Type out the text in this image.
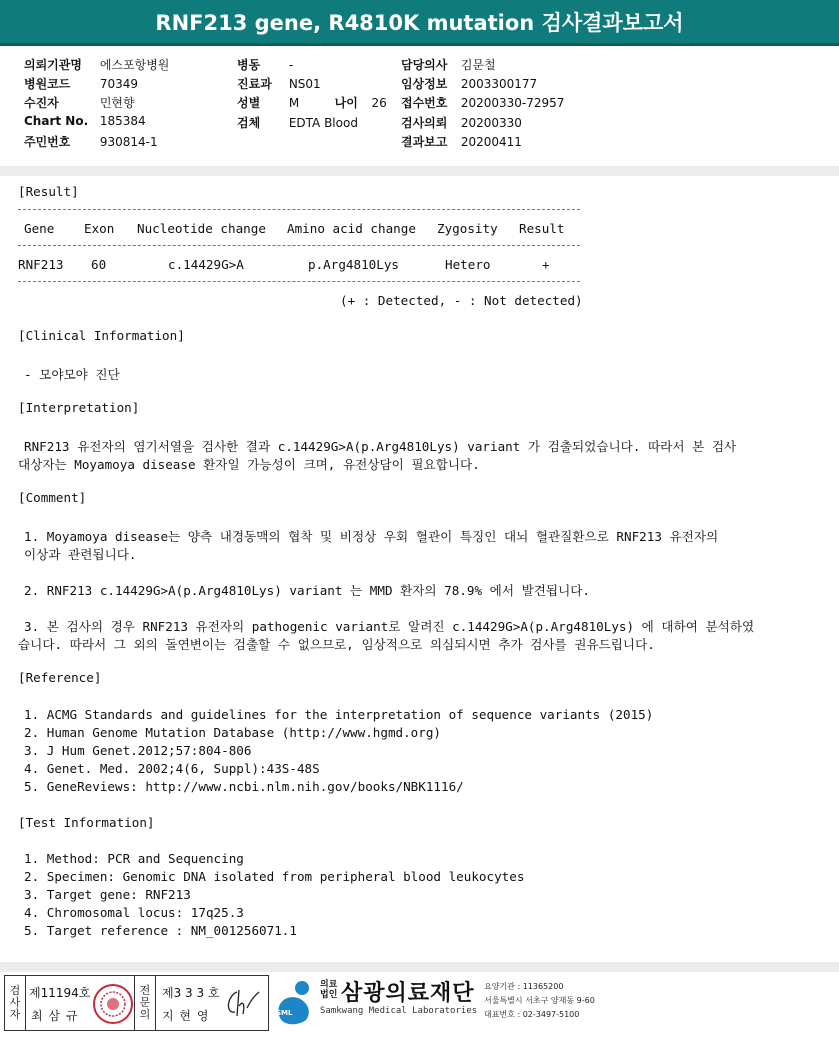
RNF213 gene, R4810K mutation 검사결과보고서
의뢰기관명 에스포항병원
병원코드 70349
수진자	민현향
Chart No. 185384
주민번호 930814-1
병동 -
진료과 NS01
성별 M	나이 26
검체 EDTA Blood
담당의사 김문철
임상정보 2003300177
접수번호 20200330-72957
검사의뢰 20200330
결과보고 20200411
[Result]
Gene Exon Nucleotide change Amino acid change Zygosity Result
RNF213 60	c.14429G>A	p.Arg4810Lys	Hetero	+
(+ : Detected, - : Not detected)
[Clinical Information]
- 모야모야 진단
[Interpretation]
RNF213 유전자의 염기서열을 검사한 결과 c.14429G>A(p.Arg4810Lys) variant 가 검출되었습니다. 따라서 본 검사
대상자는 Moyamoya disease 환자일 가능성이 크며, 유전상담이 필요합니다.
[Comment]
1. Moyamoya disease는 양측 내경동맥의 협착 및 비정상 우회 혈관이 특징인 대뇌 혈관질환으로 RNF213 유전자의
이상과 관련됩니다.
2. RNF213 c.14429G>A(p.Arg4810Lys) variant 는 MMD 환자의 78.9% 에서 발견됩니다.
3. 본 검사의 경우 RNF213 유전자의 pathogenic variant로 알려진 c.14429G>A(p.Arg4810Lys) 에 대하여 분석하였
습니다. 따라서 그 외의 돌연변이는 검출할 수 없으므로, 임상적으로 의심되시면 추가 검사를 권유드립니다.
[Reference]
1. ACMG Standards and guidelines for the interpretation of sequence variants (2015)
2. Human Genome Mutation Database (http://www.hgmd.org)
3. J Hum Genet.2012;57:804-806
4. Genet. Med. 2002;4(6, Suppl):43S-48S
5. GeneReviews: http://www.ncbi.nlm.nih.gov/books/NBK1116/
[Test Information]
1. Method: PCR and Sequencing
2. Specimen: Genomic DNA isolated from peripheral blood leukocytes
3. Target gene: RNF213
4. Chromosomal locus: 17q25.3
5. Target reference : NM_001256071.1
검사자
제11194호
최 삼 규
전문의
제3 3 3 호
지 현 영	SML
의료
법인 삼광의료재단
Samkwang Medical Laboratories
요양기관 : 11365200
서울특별시 서초구 양재동 9-60
대표번호 : 02-3497-5100
